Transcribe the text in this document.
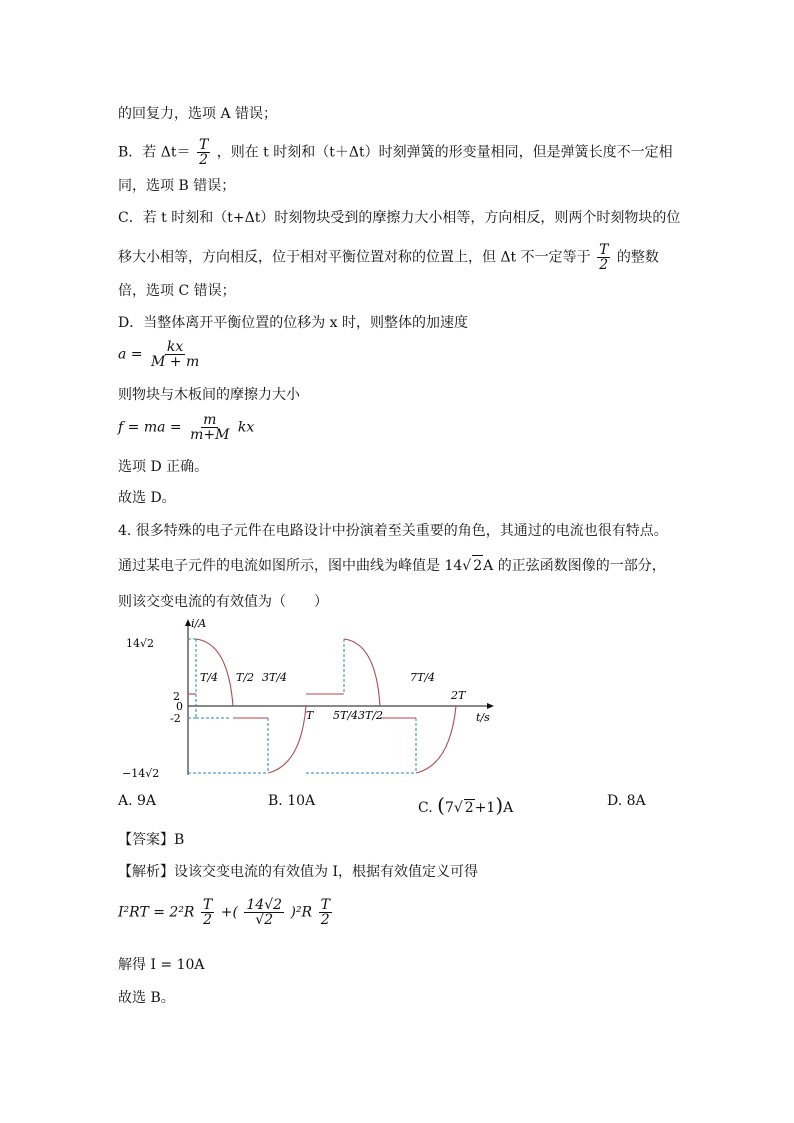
的回复力，选项 A 错误；
B．若 $\Delta t= \frac{T}{2}$ ，则在 t 时刻和（t＋Δt）时刻弹簧的形变量相同，但是弹簧长度不一定相
同，选项 B 错误；
C．若 t 时刻和（t+Δt）时刻物块受到的摩擦力大小相等，方向相反，则两个时刻物块的位
移大小相等，方向相反，位于相对平衡位置对称的位置上，但 Δt 不一定等于 $\frac{T}{2}$ 的整数
倍，选项 C 错误；
D．当整体离开平衡位置的位移为 x 时，则整体的加速度
$a = \frac{kx}{M + m}$
则物块与木板间的摩擦力大小
f = ma = $\frac{m}{m+M}$ kx
选项 D 正确。
故选 D。
4. 很多特殊的电子元件在电路设计中扮演着至关重要的角色，其通过的电流也很有特点。
通过某电子元件的电流如图所示，图中曲线为峰值是 14√ 2A 的正弦函数图像的一部分，
则该交变电流的有效值为（　　）
i/A
t/s
14√2
2
0
-2
−14√2
T/4 T/2 3T/4	7T/4
2T
T 5T/4 3T/2
A. 9A	B. 10A	C. (7√ 2+1)A	D. 8A
【答案】B
【解析】设该交变电流的有效值为 I，根据有效值定义可得
$I^2RT = 2^2R \frac{T}{2}$ +( $\frac{14√2}{√2} )^2R \frac{T}{2}$
解得 I = 10A
故选 B。
